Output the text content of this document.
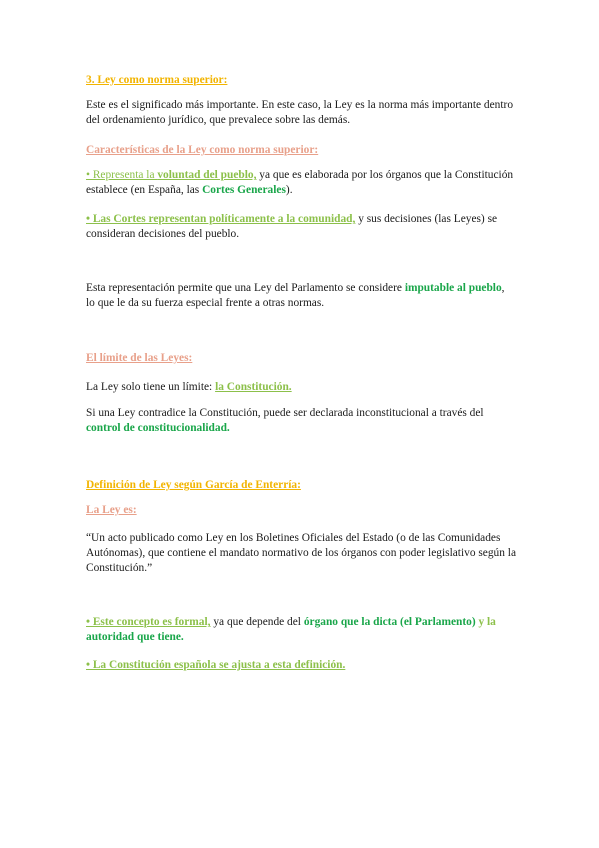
3. Ley como norma superior:
Este es el significado más importante. En este caso, la Ley es la norma más importante dentro del ordenamiento jurídico, que prevalece sobre las demás.
Características de la Ley como norma superior:
• Representa la voluntad del pueblo, ya que es elaborada por los órganos que la Constitución establece (en España, las Cortes Generales).
• Las Cortes representan políticamente a la comunidad, y sus decisiones (las Leyes) se consideran decisiones del pueblo.
Esta representación permite que una Ley del Parlamento se considere imputable al pueblo, lo que le da su fuerza especial frente a otras normas.
El límite de las Leyes:
La Ley solo tiene un límite: la Constitución.
Si una Ley contradice la Constitución, puede ser declarada inconstitucional a través del control de constitucionalidad.
Definición de Ley según García de Enterría:
La Ley es:
“Un acto publicado como Ley en los Boletines Oficiales del Estado (o de las Comunidades Autónomas), que contiene el mandato normativo de los órganos con poder legislativo según la Constitución.”
• Este concepto es formal, ya que depende del órgano que la dicta (el Parlamento) y la autoridad que tiene.
• La Constitución española se ajusta a esta definición.
